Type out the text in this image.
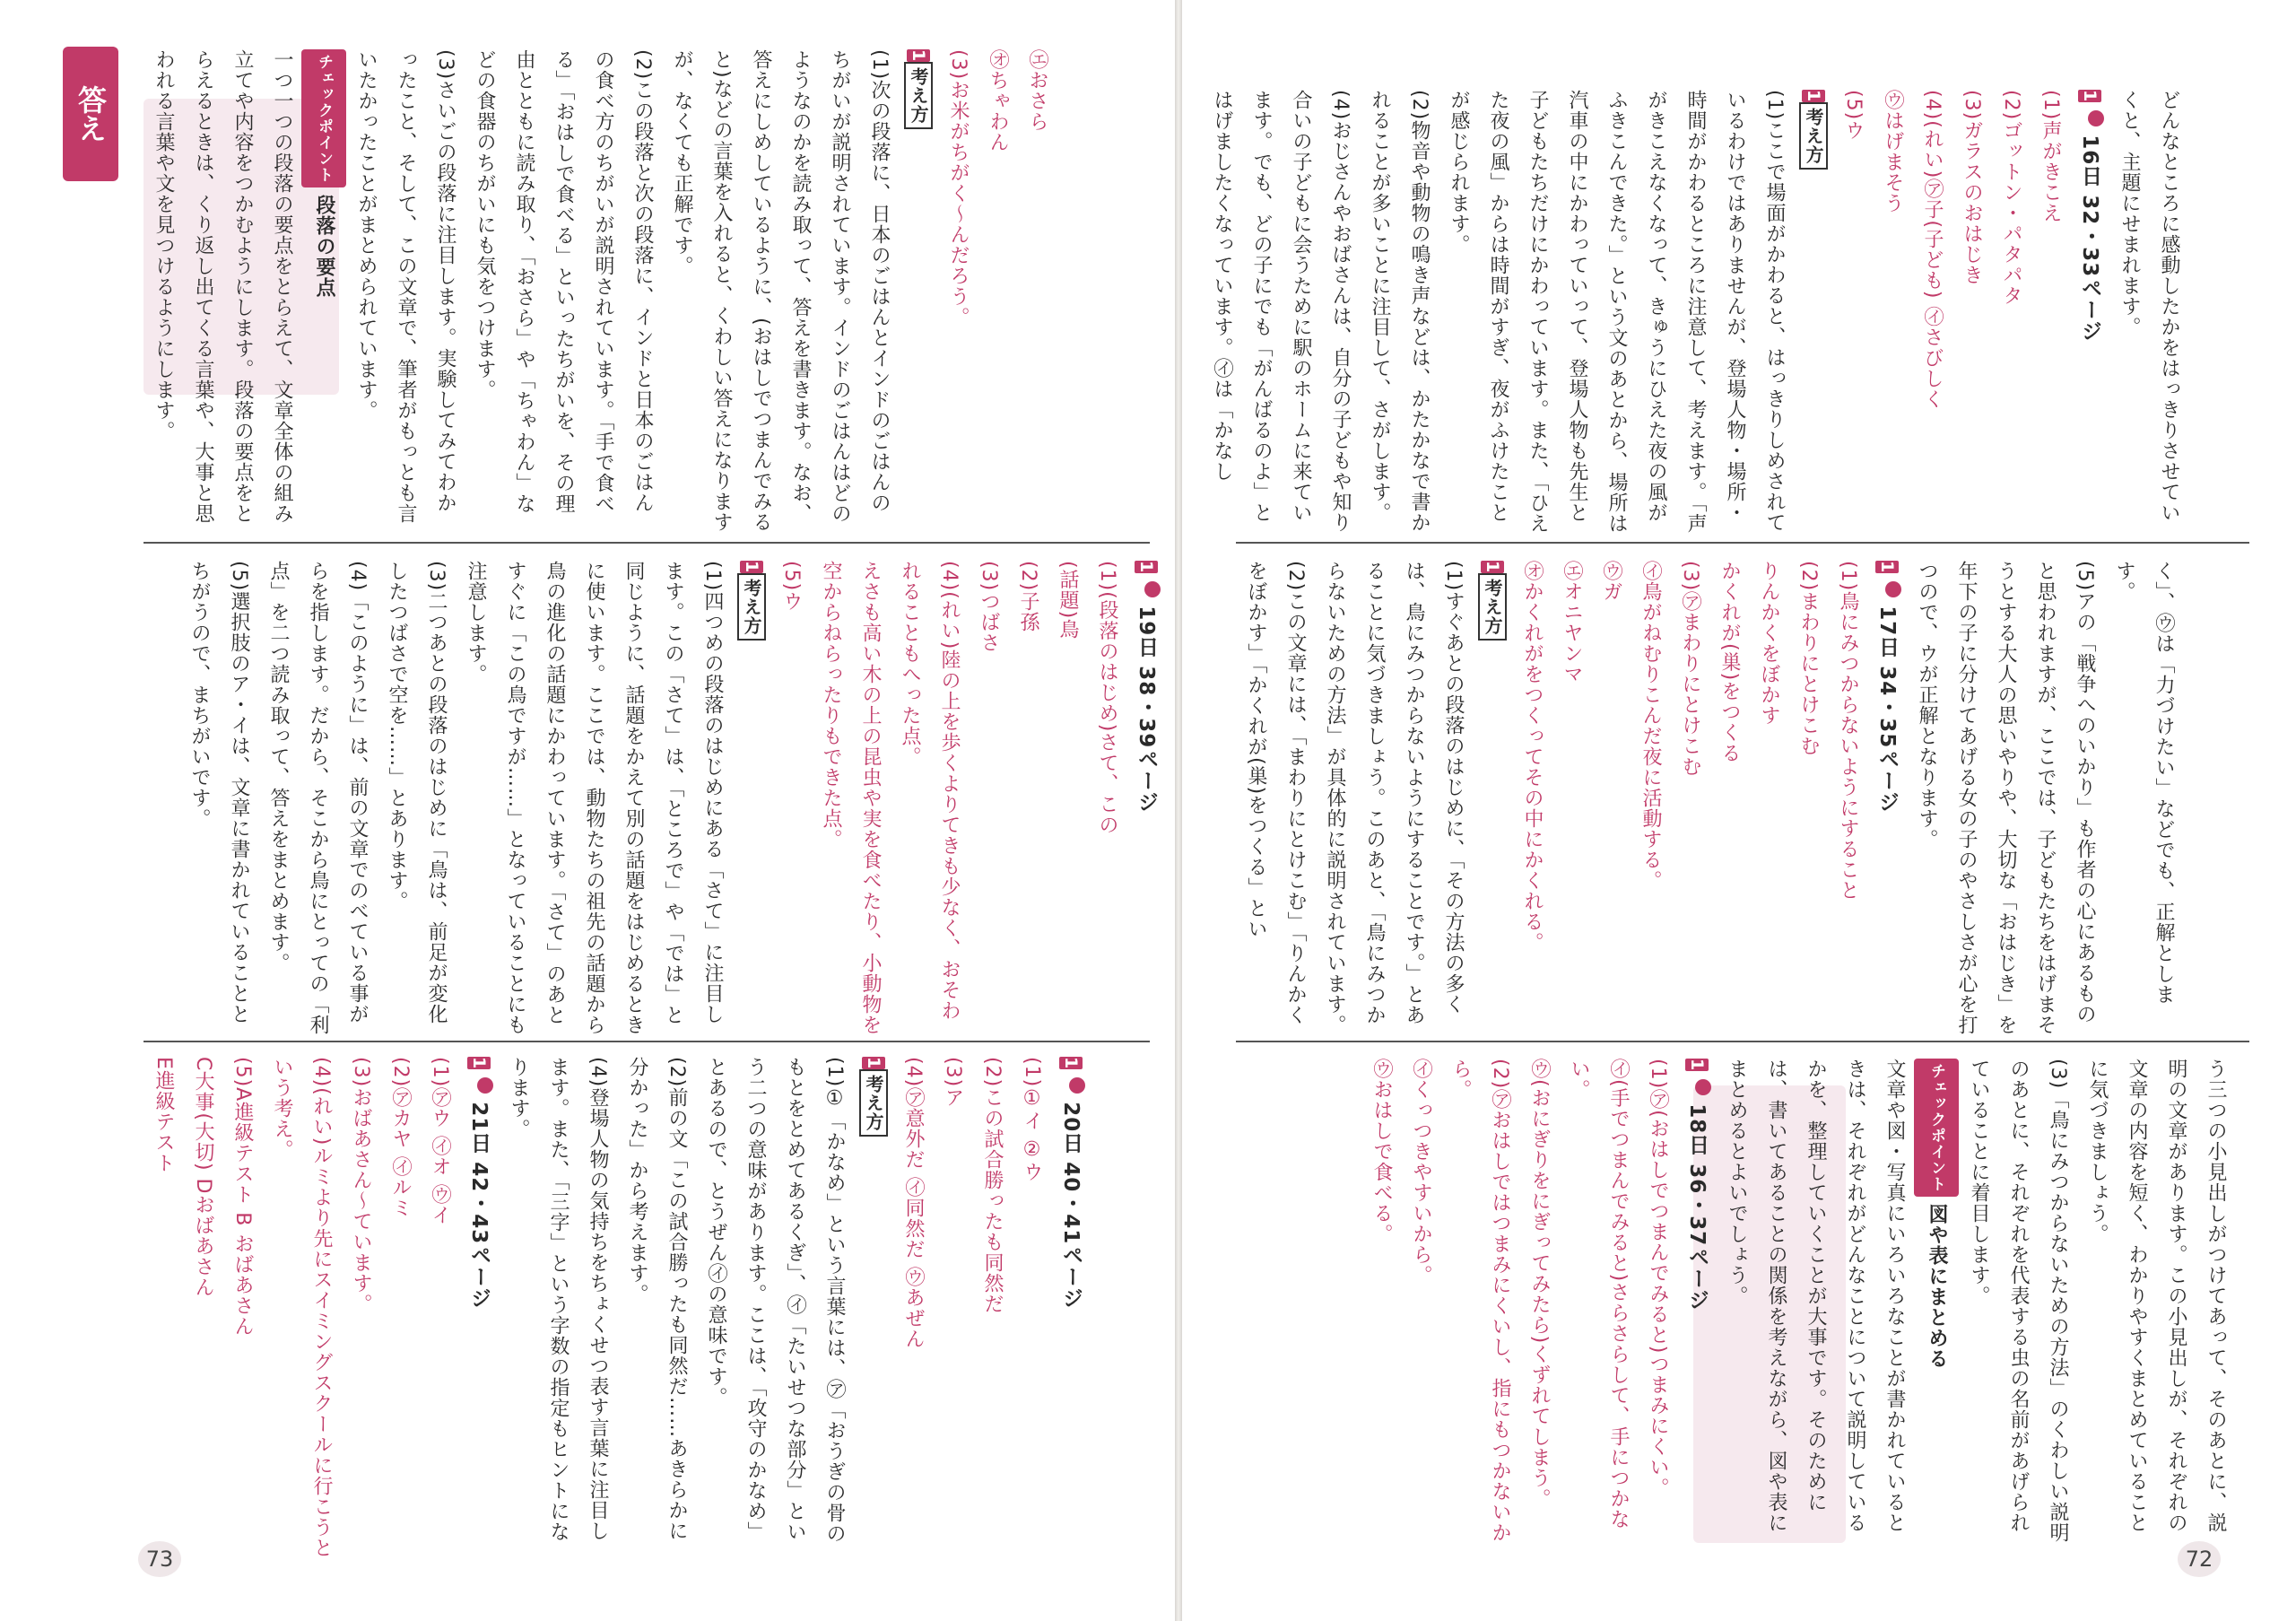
答え	㋓おさら

㋔ちゃわん

(3)お米がちがく〜んだろう。

1考え方

(1)次の段落に、日本のごはんとインドのごはんのちがいが説明されています。インドのごはんはどのようなのかを読み取って、答えを書きます。なお、答えにしめしているように、(おはしでつまんでみると)などの言葉を入れると、くわしい答えになりますが、なくても正解です。

(2)この段落と次の段落に、インドと日本のごはんの食べ方のちがいが説明されています。「手で食べる」「おはしで食べる」といったちがいを、その理由とともに読み取り、「おさら」や「ちゃわん」などの食器のちがいにも気をつけます。

(3)さいごの段落に注目します。実験してみてわかったこと、そして、この文章で、筆者がもっとも言いたかったことがまとめられています。

チェックポイント 段落の要点

一つ一つの段落の要点をとらえて、文章全体の組み立てや内容をつかむようにします。段落の要点をとらえるときは、くり返し出てくる言葉や、大事と思われる言葉や文を見つけるようにします。

1  19日 38・39ページ

(1)(段落のはじめ)さて、この

(話題)鳥

(2)子孫

(3)つばさ

(4)(れい)陸の上を歩くよりてきも少なく、おそわれることもへった点。

えさも高い木の上の昆虫や実を食べたり、小動物を空からねらったりもできた点。

(5)ウ

1考え方

(1)四つめの段落のはじめにある「さて」に注目します。この「さて」は、「ところで」や「では」と同じように、話題をかえて別の話題をはじめるときに使います。ここでは、動物たちの祖先の話題から鳥の進化の話題にかわっています。「さて」のあとすぐに「この鳥ですが……」となっていることにも注意します。

(3)二つあとの段落のはじめに「鳥は、前足が変化したつばさで空を……」とあります。

(4)「このように」は、前の文章でのべている事がらを指します。だから、そこから鳥にとっての「利点」を二つ読み取って、答えをまとめます。

(5)選択肢のア・イは、文章に書かれていることとちがうので、まちがいです。

1  20日 40・41ページ

(1)①イ ②ウ

(2)この試合勝ったも同然だ

(3)ア

(4)㋐意外だ ㋑同然だ ㋒あぜん

1考え方

(1)①「かなめ」という言葉には、㋐「おうぎの骨のもとをとめてあるくぎ」、㋑「たいせつな部分」という二つの意味があります。ここは、「攻守のかなめ」とあるので、とうぜん㋑の意味です。

(2)前の文「この試合勝ったも同然だ……あきらかに分かった」から考えます。

(4)登場人物の気持ちをちょくせつ表す言葉に注目します。また、「三字」という字数の指定もヒントになります。

1  21日 42・43ページ

(1)㋐ウ ㋑オ ㋒イ

(2)㋐カヤ ㋑ルミ

(3)おばあさん〜ています。

(4)(れい)ルミより先にスイミングスクールに行こうという考え。

(5)A進級テスト B おばあさん

C大事(大切) Dおばあさん

E進級テスト

73

どんなところに感動したかをはっきりさせていくと、主題にせまれます。

1  16日 32・33ページ

(1)声がきこえ

(2)ゴットン・パタパタ

(3)ガラスのおはじき

(4)(れい)㋐子(子ども) ㋑さびしく

㋒はげまそう

(5)ウ

1考え方

(1)ここで場面がかわると、はっきりしめされているわけではありませんが、登場人物・場所・時間がかわるところに注意して、考えます。「声がきこえなくなって、きゅうにひえた夜の風がふきこんできた。」という文のあとから、場所は汽車の中にかわっていって、登場人物も先生と子どもたちだけにかわっています。また、「ひえた夜の風」からは時間がすぎ、夜がふけたことが感じられます。

(2)物音や動物の鳴き声などは、かたかなで書かれることが多いことに注目して、さがします。

(4)おじさんやおばさんは、自分の子どもや知り合いの子どもに会うために駅のホームに来ています。でも、どの子にでも「がんばるのよ」とはげましたくなっています。㋑は「かなし

く」、㋒は「力づけたい」などでも、正解とします。

(5)アの「戦争へのいかり」も作者の心にあるものと思われますが、ここでは、子どもたちをはげまそうとする大人の思いやりや、大切な「おはじき」を年下の子に分けてあげる女の子のやさしさが心を打つので、ウが正解となります。

1  17日 34・35ページ

(1)鳥にみつからないようにすること

(2)まわりにとけこむ

りんかくをぼかす

かくれが(巣)をつくる

(3)㋐まわりにとけこむ

㋑鳥がねむりこんだ夜に活動する。

㋒ガ

㋓オニヤンマ

㋔かくれがをつくってその中にかくれる。

1考え方

(1)すぐあとの段落のはじめに、「その方法の多くは、鳥にみつからないようにすることです。」とあることに気づきましょう。このあと、「鳥にみつからないための方法」が具体的に説明されています。

(2)この文章には、「まわりにとけこむ」「りんかくをぼかす」「かくれが(巣)をつくる」とい

う三つの小見出しがつけてあって、そのあとに、説明の文章があります。この小見出しが、それぞれの文章の内容を短く、わかりやすくまとめていることに気づきましょう。

(3)「鳥にみつからないための方法」のくわしい説明のあとに、それぞれを代表する虫の名前があげられていることに着目します。

チェックポイント 図や表にまとめる

文章や図・写真にいろいろなことが書かれているときは、それぞれがどんなことについて説明しているかを、整理していくことが大事です。そのためには、書いてあることの関係を考えながら、図や表にまとめるとよいでしょう。

1  18日 36・37ページ

(1)㋐(おはしでつまんでみると)つまみにくい。

㋑(手でつまんでみると)さらさらして、手につかない。

㋒(おにぎりをにぎってみたら)くずれてしまう。

(2)㋐おはしではつまみにくいし、指にもつかないから。

㋑くっつきやすいから。

㋒おはしで食べる。

72
